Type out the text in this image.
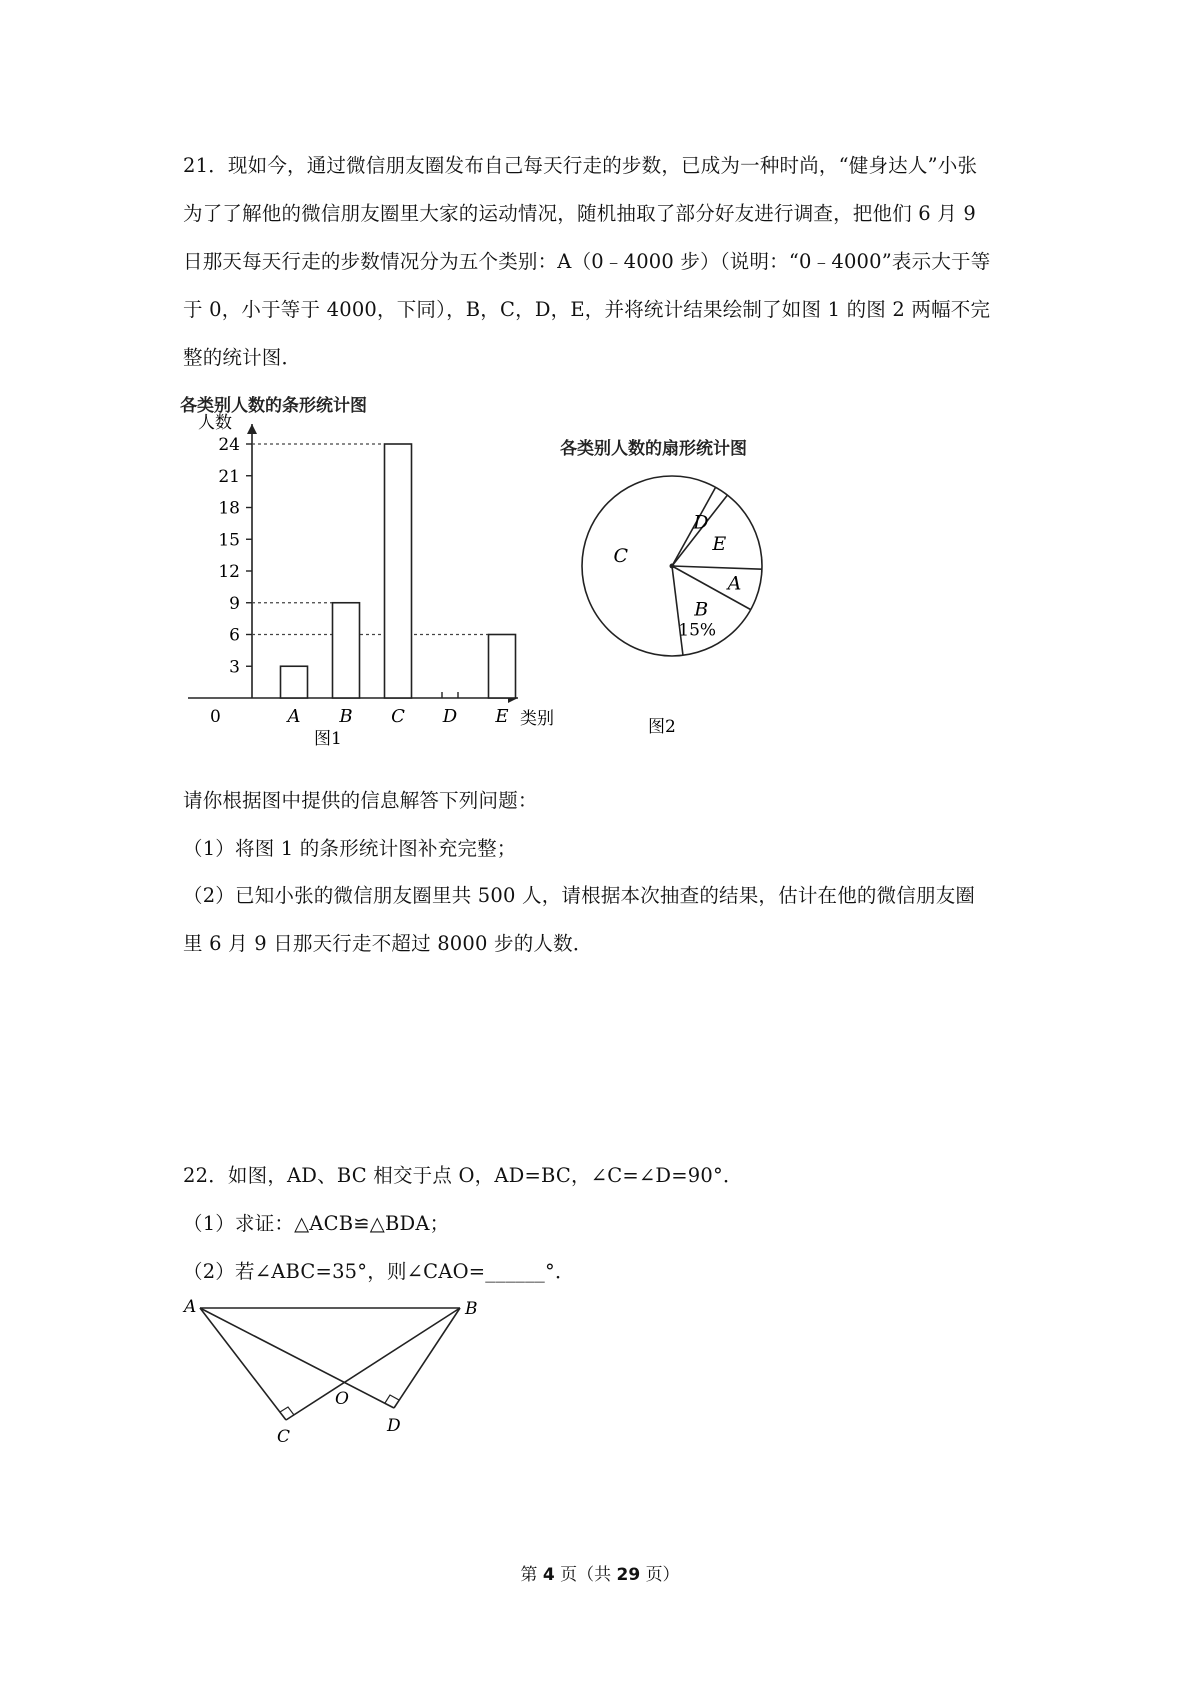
21．现如今，通过微信朋友圈发布自己每天行走的步数，已成为一种时尚，“健身达人”小张
为了了解他的微信朋友圈里大家的运动情况，随机抽取了部分好友进行调查，把他们 6 月 9
日那天每天行走的步数情况分为五个类别：A（0﹣4000 步）（说明：“0﹣4000”表示大于等
于 0，小于等于 4000，下同），B，C，D，E，并将统计结果绘制了如图 1 的图 2 两幅不完
整的统计图．
各类别人数的条形统计图
人数
类别
0
3
6
9
12
15
18
21
24
A B C D E
图1
各类别人数的扇形统计图
C
B
15%
A
E
D
图2
请你根据图中提供的信息解答下列问题：
（1）将图 1 的条形统计图补充完整；
（2）已知小张的微信朋友圈里共 500 人，请根据本次抽查的结果，估计在他的微信朋友圈
里 6 月 9 日那天行走不超过 8000 步的人数．
22．如图，AD、BC 相交于点 O，AD=BC，∠C=∠D=90°．
（1）求证：△ACB≌△BDA；
（2）若∠ABC=35°，则∠CAO=______°．
A	B
C
D
O
第 4 页（共 29 页）
